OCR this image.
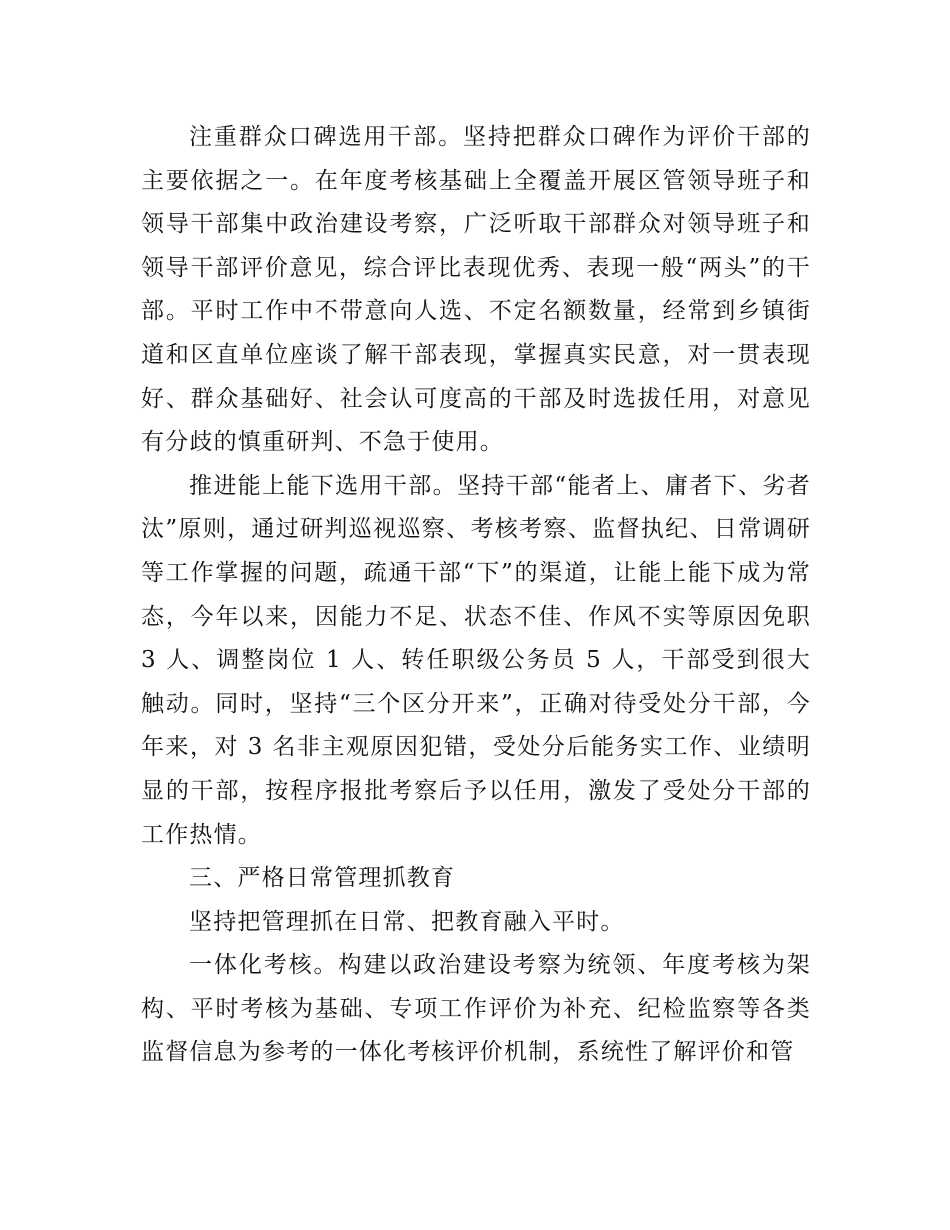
注重群众口碑选用干部。坚持把群众口碑作为评价干部的主要依据之一。在年度考核基础上全覆盖开展区管领导班子和领导干部集中政治建设考察，广泛听取干部群众对领导班子和领导干部评价意见，综合评比表现优秀、表现一般“两头”的干部。平时工作中不带意向人选、不定名额数量，经常到乡镇街道和区直单位座谈了解干部表现，掌握真实民意，对一贯表现好、群众基础好、社会认可度高的干部及时选拔任用，对意见有分歧的慎重研判、不急于使用。

推进能上能下选用干部。坚持干部“能者上、庸者下、劣者汰”原则，通过研判巡视巡察、考核考察、监督执纪、日常调研等工作掌握的问题，疏通干部“下”的渠道，让能上能下成为常态，今年以来，因能力不足、状态不佳、作风不实等原因免职 3 人、调整岗位 1 人、转任职级公务员 5 人，干部受到很大触动。同时，坚持“三个区分开来”，正确对待受处分干部，今年来，对 3 名非主观原因犯错，受处分后能务实工作、业绩明显的干部，按程序报批考察后予以任用，激发了受处分干部的工作热情。

三、严格日常管理抓教育

坚持把管理抓在日常、把教育融入平时。

一体化考核。构建以政治建设考察为统领、年度考核为架构、平时考核为基础、专项工作评价为补充、纪检监察等各类监督信息为参考的一体化考核评价机制，系统性了解评价和管
